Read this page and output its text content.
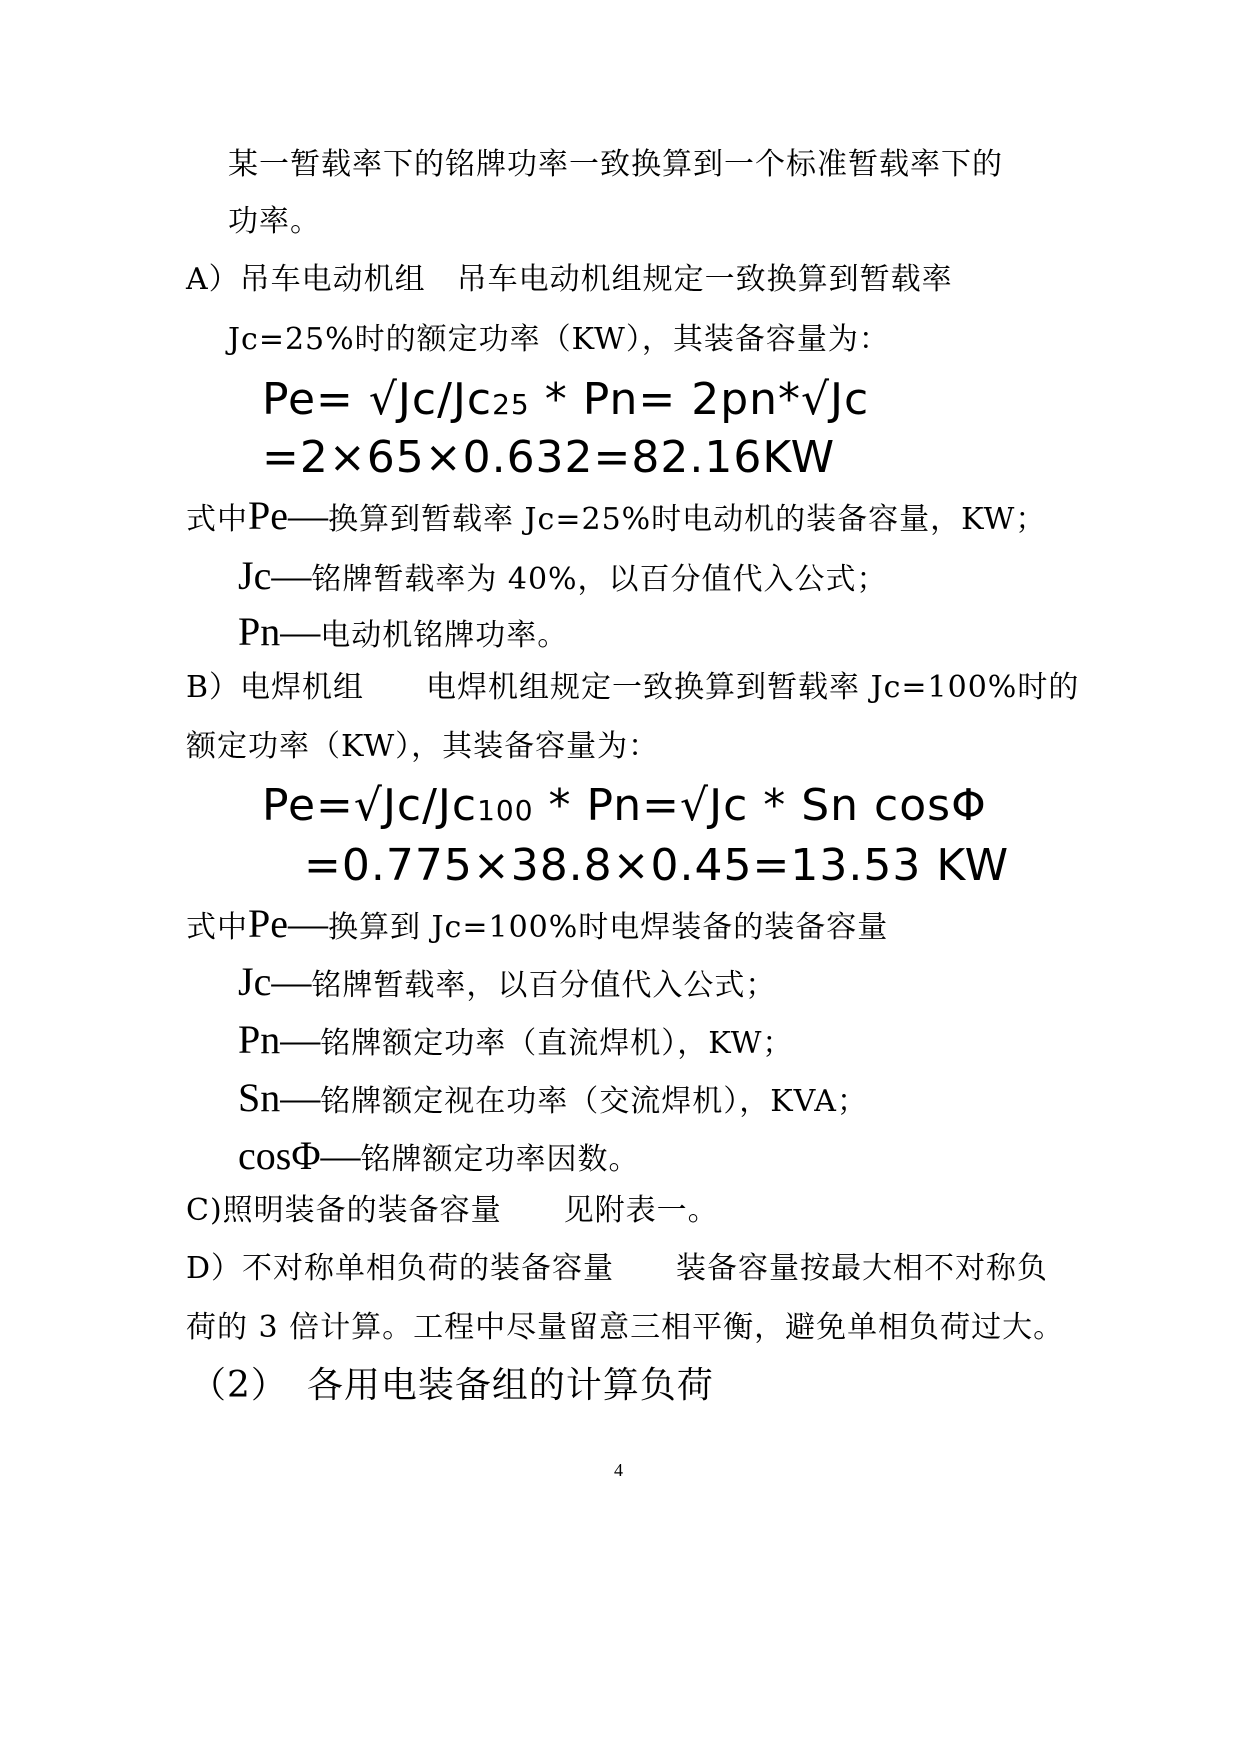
某一暂载率下的铭牌功率一致换算到一个标准暂载率下的
功率。
A）吊车电动机组　吊车电动机组规定一致换算到暂载率
Jc=25%时的额定功率（KW），其装备容量为：
Pe= √Jc/Jc25 * Pn= 2pn*√Jc
=2×65×0.632=82.16KW
式中Pe—换算到暂载率 Jc=25%时电动机的装备容量，KW；
Jc—铭牌暂载率为 40%，以百分值代入公式；
Pn—电动机铭牌功率。
B）电焊机组　　电焊机组规定一致换算到暂载率 Jc=100%时的
额定功率（KW），其装备容量为：
Pe=√Jc/Jc100 * Pn=√Jc * Sn cosΦ
=0.775×38.8×0.45=13.53 KW
式中Pe—换算到 Jc=100%时电焊装备的装备容量
Jc—铭牌暂载率，以百分值代入公式；
Pn—铭牌额定功率（直流焊机），KW；
Sn—铭牌额定视在功率（交流焊机），KVA；
cosΦ—铭牌额定功率因数。
C)照明装备的装备容量　　见附表一。
D）不对称单相负荷的装备容量　　装备容量按最大相不对称负
荷的 3 倍计算。工程中尽量留意三相平衡，避免单相负荷过大。
（2）　各用电装备组的计算负荷
4
